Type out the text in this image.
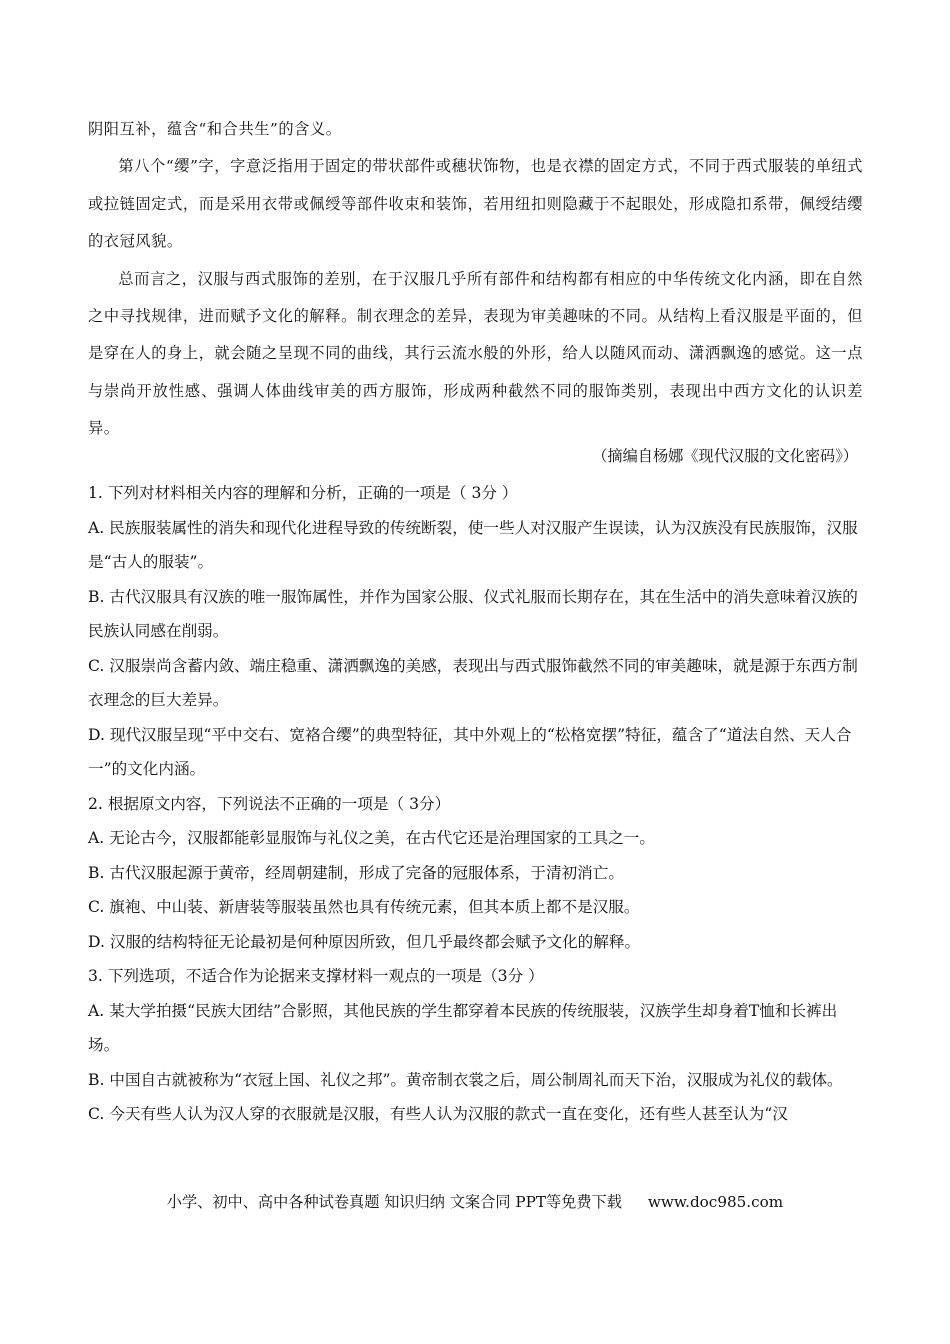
阴阳互补，蕴含“和合共生”的含义。

第八个“缨”字，字意泛指用于固定的带状部件或穗状饰物，也是衣襟的固定方式，不同于西式服装的单纽式或拉链固定式，而是采用衣带或佩绶等部件收束和装饰，若用纽扣则隐藏于不起眼处，形成隐扣系带，佩绶结缨的衣冠风貌。

总而言之，汉服与西式服饰的差别，在于汉服几乎所有部件和结构都有相应的中华传统文化内涵，即在自然之中寻找规律，进而赋予文化的解释。制衣理念的差异，表现为审美趣味的不同。从结构上看汉服是平面的，但是穿在人的身上，就会随之呈现不同的曲线，其行云流水般的外形，给人以随风而动、潇洒飘逸的感觉。这一点与崇尚开放性感、强调人体曲线审美的西方服饰，形成两种截然不同的服饰类别，表现出中西方文化的认识差异。

（摘编自杨娜《现代汉服的文化密码》）
1. 下列对材料相关内容的理解和分析，正确的一项是（ 3分 ）
A. 民族服装属性的消失和现代化进程导致的传统断裂，使一些人对汉服产生误读，认为汉族没有民族服饰，汉服是“古人的服装”。
B. 古代汉服具有汉族的唯一服饰属性，并作为国家公服、仪式礼服而长期存在，其在生活中的消失意味着汉族的民族认同感在削弱。
C. 汉服崇尚含蓄内敛、端庄稳重、潇洒飘逸的美感，表现出与西式服饰截然不同的审美趣味，就是源于东西方制衣理念的巨大差异。
D. 现代汉服呈现“平中交右、宽袼合缨”的典型特征，其中外观上的“松格宽摆”特征，蕴含了“道法自然、天人合一”的文化内涵。
2. 根据原文内容，下列说法不正确的一项是（ 3分）
A. 无论古今，汉服都能彰显服饰与礼仪之美，在古代它还是治理国家的工具之一。
B. 古代汉服起源于黄帝，经周朝建制，形成了完备的冠服体系，于清初消亡。
C. 旗袍、中山装、新唐装等服装虽然也具有传统元素，但其本质上都不是汉服。
D. 汉服的结构特征无论最初是何种原因所致，但几乎最终都会赋予文化的解释。
3. 下列选项，不适合作为论据来支撑材料一观点的一项是（3分 ）
A. 某大学拍摄“民族大团结”合影照，其他民族的学生都穿着本民族的传统服装，汉族学生却身着T恤和长裤出场。
B. 中国自古就被称为“衣冠上国、礼仪之邦”。黄帝制衣裳之后，周公制周礼而天下治，汉服成为礼仪的载体。
C. 今天有些人认为汉人穿的衣服就是汉服，有些人认为汉服的款式一直在变化，还有些人甚至认为“汉
小学、初中、高中各种试卷真题 知识归纳 文案合同 PPT等免费下载 www.doc985.com
